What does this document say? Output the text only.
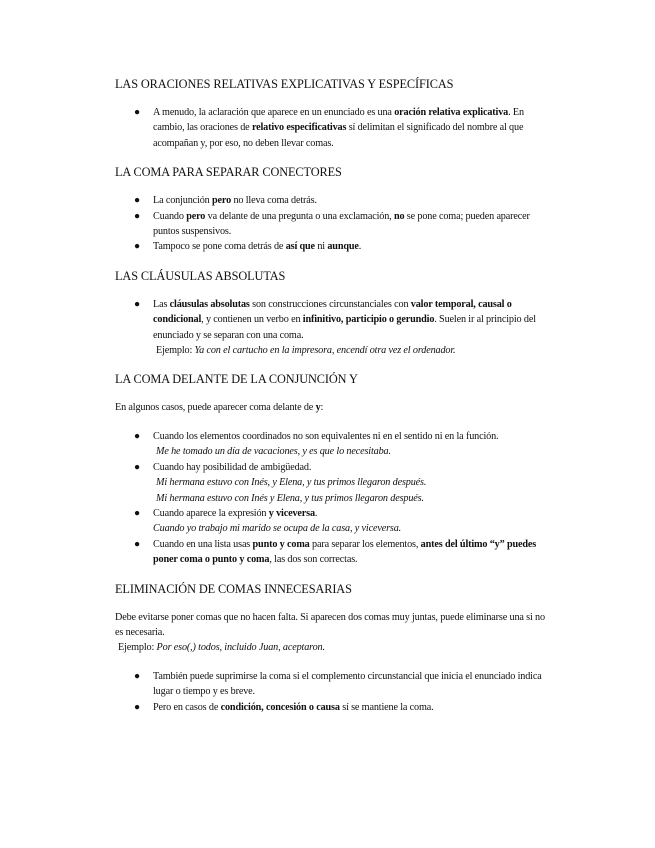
LAS ORACIONES RELATIVAS EXPLICATIVAS Y ESPECÍFICAS
● A menudo, la aclaración que aparece en un enunciado es una oración relativa explicativa. En cambio, las oraciones de relativo especificativas sí delimitan el significado del nombre al que acompañan y, por eso, no deben llevar comas.
LA COMA PARA SEPARAR CONECTORES
● La conjunción pero no lleva coma detrás.
● Cuando pero va delante de una pregunta o una exclamación, no se pone coma; pueden aparecer puntos suspensivos.
● Tampoco se pone coma detrás de así que ni aunque.
LAS CLÁUSULAS ABSOLUTAS
● Las cláusulas absolutas son construcciones circunstanciales con valor temporal, causal o condicional, y contienen un verbo en infinitivo, participio o gerundio. Suelen ir al principio del enunciado y se separan con una coma.
Ejemplo: Ya con el cartucho en la impresora, encendí otra vez el ordenador.
LA COMA DELANTE DE LA CONJUNCIÓN Y

En algunos casos, puede aparecer coma delante de y:

● Cuando los elementos coordinados no son equivalentes ni en el sentido ni en la función.
Me he tomado un día de vacaciones, y es que lo necesitaba.
● Cuando hay posibilidad de ambigüedad.
Mi hermana estuvo con Inés, y Elena, y tus primos llegaron después.
Mi hermana estuvo con Inés y Elena, y tus primos llegaron después.
● Cuando aparece la expresión y viceversa.
Cuando yo trabajo mi marido se ocupa de la casa, y viceversa.
● Cuando en una lista usas punto y coma para separar los elementos, antes del último “y” puedes poner coma o punto y coma, las dos son correctas.
ELIMINACIÓN DE COMAS INNECESARIAS

Debe evitarse poner comas que no hacen falta. Si aparecen dos comas muy juntas, puede eliminarse una si no es necesaria.

Ejemplo: Por eso(,) todos, incluido Juan, aceptaron.

● También puede suprimirse la coma si el complemento circunstancial que inicia el enunciado indica lugar o tiempo y es breve.
● Pero en casos de condición, concesión o causa sí se mantiene la coma.
